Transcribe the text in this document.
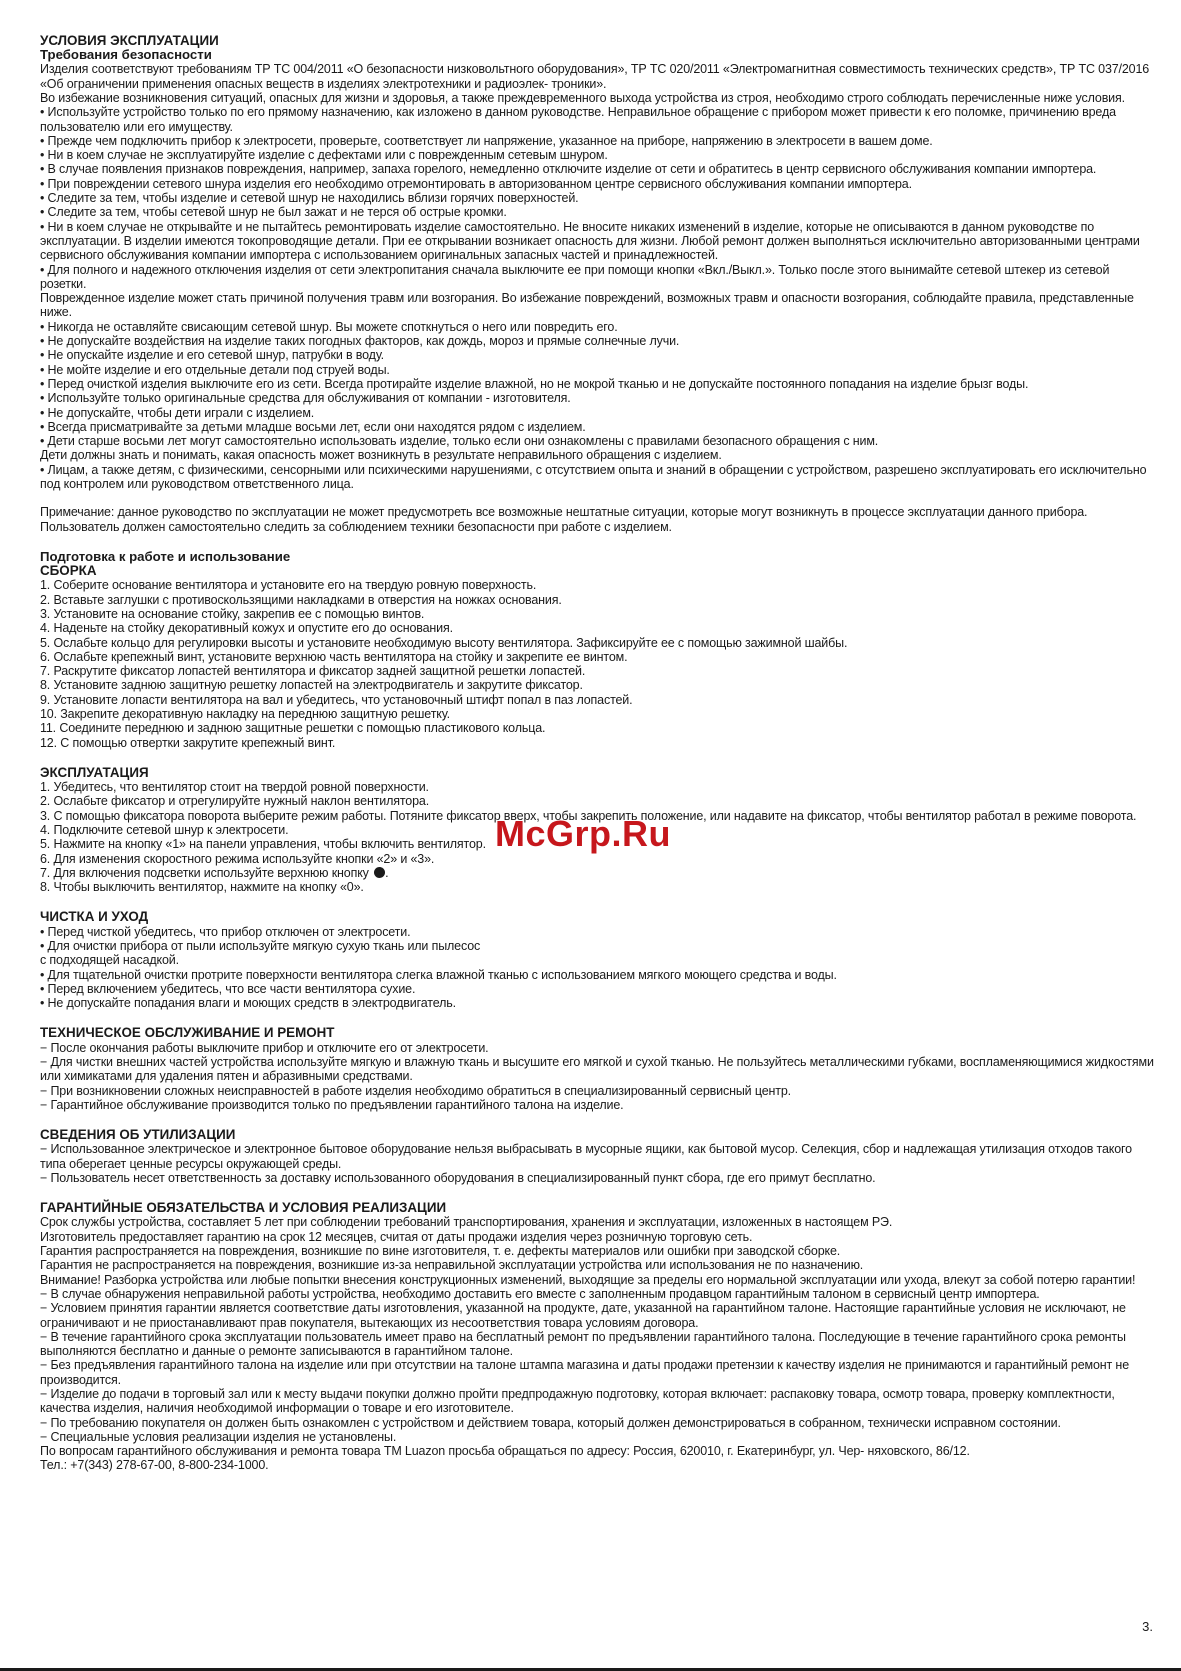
УСЛОВИЯ ЭКСПЛУАТАЦИИ
Требования безопасности

Изделия соответствуют требованиям ТР ТС 004/2011 «О безопасности низковольтного оборудования», ТР ТС 020/2011 «Электромагнитная совместимость технических средств», ТР ТС 037/2016 «Об ограничении применения опасных веществ в изделиях электротехники и радиоэлек- троники».

Во избежание возникновения ситуаций, опасных для жизни и здоровья, а также преждевременного выхода устройства из строя, необходимо строго соблюдать перечисленные ниже условия.

• Используйте устройство только по его прямому назначению, как изложено в данном руководстве. Неправильное обращение с прибором может привести к его поломке, причинению вреда пользователю или его имуществу.

• Прежде чем подключить прибор к электросети, проверьте, соответствует ли напряжение, указанное на приборе, напряжению в электросети в вашем доме.

• Ни в коем случае не эксплуатируйте изделие с дефектами или с поврежденным сетевым шнуром.

• В случае появления признаков повреждения, например, запаха горелого, немедленно отключите изделие от сети и обратитесь в центр сервисного обслуживания компании импортера.

• При повреждении сетевого шнура изделия его необходимо отремонтировать в авторизованном центре сервисного обслуживания компании импортера.

• Следите за тем, чтобы изделие и сетевой шнур не находились вблизи горячих поверхностей.

• Следите за тем, чтобы сетевой шнур не был зажат и не терся об острые кромки.

• Ни в коем случае не открывайте и не пытайтесь ремонтировать изделие самостоятельно. Не вносите никаких изменений в изделие, которые не описываются в данном руководстве по эксплуатации. В изделии имеются токопроводящие детали. При ее открывании возникает опасность для жизни. Любой ремонт должен выполняться исключительно авторизованными центрами сервисного обслуживания компании импортера с использованием оригинальных запасных частей и принадлежностей.

• Для полного и надежного отключения изделия от сети электропитания сначала выключите ее при помощи кнопки «Вкл./Выкл.». Только после этого вынимайте сетевой штекер из сетевой розетки.

Поврежденное изделие может стать причиной получения травм или возгорания. Во избежание повреждений, возможных травм и опасности возгорания, соблюдайте правила, представленные ниже.

• Никогда не оставляйте свисающим сетевой шнур. Вы можете споткнуться о него или повредить его.

• Не допускайте воздействия на изделие таких погодных факторов, как дождь, мороз и прямые солнечные лучи.

• Не опускайте изделие и его сетевой шнур, патрубки в воду.

• Не мойте изделие и его отдельные детали под струей воды.

• Перед очисткой изделия выключите его из сети. Всегда протирайте изделие влажной, но не мокрой тканью и не допускайте постоянного попадания на изделие брызг воды.

• Используйте только оригинальные средства для обслуживания от компании - изготовителя.

• Не допускайте, чтобы дети играли с изделием.

• Всегда присматривайте за детьми младше восьми лет, если они находятся рядом с изделием.

• Дети старше восьми лет могут самостоятельно использовать изделие, только если они ознакомлены с правилами безопасного обращения с ним.

Дети должны знать и понимать, какая опасность может возникнуть в результате неправильного обращения с изделием.

• Лицам, а также детям, с физическими, сенсорными или психическими нарушениями, с отсутствием опыта и знаний в обращении с устройством, разрешено эксплуатировать его исключительно под контролем или руководством ответственного лица.

Примечание: данное руководство по эксплуатации не может предусмотреть все возможные нештатные ситуации, которые могут возникнуть в процессе эксплуатации данного прибора. Пользователь должен самостоятельно следить за соблюдением техники безопасности при работе с изделием.

Подготовка к работе и использование
СБОРКА

1. Соберите основание вентилятора и установите его на твердую ровную поверхность.

2. Вставьте заглушки с противоскользящими накладками в отверстия на ножках основания.

3. Установите на основание стойку, закрепив ее с помощью винтов.

4. Наденьте на стойку декоративный кожух и опустите его до основания.

5. Ослабьте кольцо для регулировки высоты и установите необходимую высоту вентилятора. Зафиксируйте ее с помощью зажимной шайбы.

6. Ослабьте крепежный винт, установите верхнюю часть вентилятора на стойку и закрепите ее винтом.

7. Раскрутите фиксатор лопастей вентилятора и фиксатор задней защитной решетки лопастей.

8. Установите заднюю защитную решетку лопастей на электродвигатель и закрутите фиксатор.

9. Установите лопасти вентилятора на вал и убедитесь, что установочный штифт попал в паз лопастей.

10. Закрепите декоративную накладку на переднюю защитную решетку.

11. Соедините переднюю и заднюю защитные решетки с помощью пластикового кольца.

12. С помощью отвертки закрутите крепежный винт.

ЭКСПЛУАТАЦИЯ

1. Убедитесь, что вентилятор стоит на твердой ровной поверхности.

2. Ослабьте фиксатор и отрегулируйте нужный наклон вентилятора.

3. С помощью фиксатора поворота выберите режим работы. Потяните фиксатор вверх, чтобы закрепить положение, или надавите на фиксатор, чтобы вентилятор работал в режиме поворота.

4. Подключите сетевой шнур к электросети.

5. Нажмите на кнопку «1» на панели управления, чтобы включить вентилятор.

6. Для изменения скоростного режима используйте кнопки «2» и «3».

7. Для включения подсветки используйте верхнюю кнопку .

8. Чтобы выключить вентилятор, нажмите на кнопку «0».

ЧИСТКА И УХОД

• Перед чисткой убедитесь, что прибор отключен от электросети.

• Для очистки прибора от пыли используйте мягкую сухую ткань или пылесос

с подходящей насадкой.

• Для тщательной очистки протрите поверхности вентилятора слегка влажной тканью с использованием мягкого моющего средства и воды.

• Перед включением убедитесь, что все части вентилятора сухие.

• Не допускайте попадания влаги и моющих средств в электродвигатель.

ТЕХНИЧЕСКОЕ ОБСЛУЖИВАНИЕ И РЕМОНТ

− После окончания работы выключите прибор и отключите его от электросети.

− Для чистки внешних частей устройства используйте мягкую и влажную ткань и высушите его мягкой и сухой тканью. Не пользуйтесь металлическими губками, воспламеняющимися жидкостями или химикатами для удаления пятен и абразивными средствами.

− При возникновении сложных неисправностей в работе изделия необходимо обратиться в специализированный сервисный центр.

− Гарантийное обслуживание производится только по предъявлении гарантийного талона на изделие.

СВЕДЕНИЯ ОБ УТИЛИЗАЦИИ

− Использованное электрическое и электронное бытовое оборудование нельзя выбрасывать в мусорные ящики, как бытовой мусор. Селекция, сбор и надлежащая утилизация отходов такого типа оберегает ценные ресурсы окружающей среды.

− Пользователь несет ответственность за доставку использованного оборудования в специализированный пункт сбора, где его примут бесплатно.

ГАРАНТИЙНЫЕ ОБЯЗАТЕЛЬСТВА И УСЛОВИЯ РЕАЛИЗАЦИИ

Срок службы устройства, составляет 5 лет при соблюдении требований транспортирования, хранения и эксплуатации, изложенных в настоящем РЭ.

Изготовитель предоставляет гарантию на срок 12 месяцев, считая от даты продажи изделия через розничную торговую сеть.

Гарантия распространяется на повреждения, возникшие по вине изготовителя, т. е. дефекты материалов или ошибки при заводской сборке.

Гарантия не распространяется на повреждения, возникшие из-за неправильной эксплуатации устройства или использования не по назначению.

Внимание! Разборка устройства или любые попытки внесения конструкционных изменений, выходящие за пределы его нормальной эксплуатации или ухода, влекут за собой потерю гарантии!

− В случае обнаружения неправильной работы устройства, необходимо доставить его вместе с заполненным продавцом гарантийным талоном в сервисный центр импортера.

− Условием принятия гарантии является соответствие даты изготовления, указанной на продукте, дате, указанной на гарантийном талоне. Настоящие гарантийные условия не исключают, не ограничивают и не приостанавливают прав покупателя, вытекающих из несоответствия товара условиям договора.

− В течение гарантийного срока эксплуатации пользователь имеет право на бесплатный ремонт по предъявлении гарантийного талона. Последующие в течение гарантийного срока ремонты выполняются бесплатно и данные о ремонте записываются в гарантийном талоне.

− Без предъявления гарантийного талона на изделие или при отсутствии на талоне штампа магазина и даты продажи претензии к качеству изделия не принимаются и гарантийный ремонт не производится.

− Изделие до подачи в торговый зал или к месту выдачи покупки должно пройти предпродажную подготовку, которая включает: распаковку товара, осмотр товара, проверку комплектности, качества изделия, наличия необходимой информации о товаре и его изготовителе.

− По требованию покупателя он должен быть ознакомлен с устройством и действием товара, который должен демонстрироваться в собранном, технически исправном состоянии.

− Специальные условия реализации изделия не установлены.

По вопросам гарантийного обслуживания и ремонта товара ТМ Luazon просьба обращаться по адресу: Россия, 620010, г. Екатеринбург, ул. Чер- няховского, 86/12.

Тел.: +7(343) 278-67-00, 8-800-234-1000.

McGrp.Ru
3.
